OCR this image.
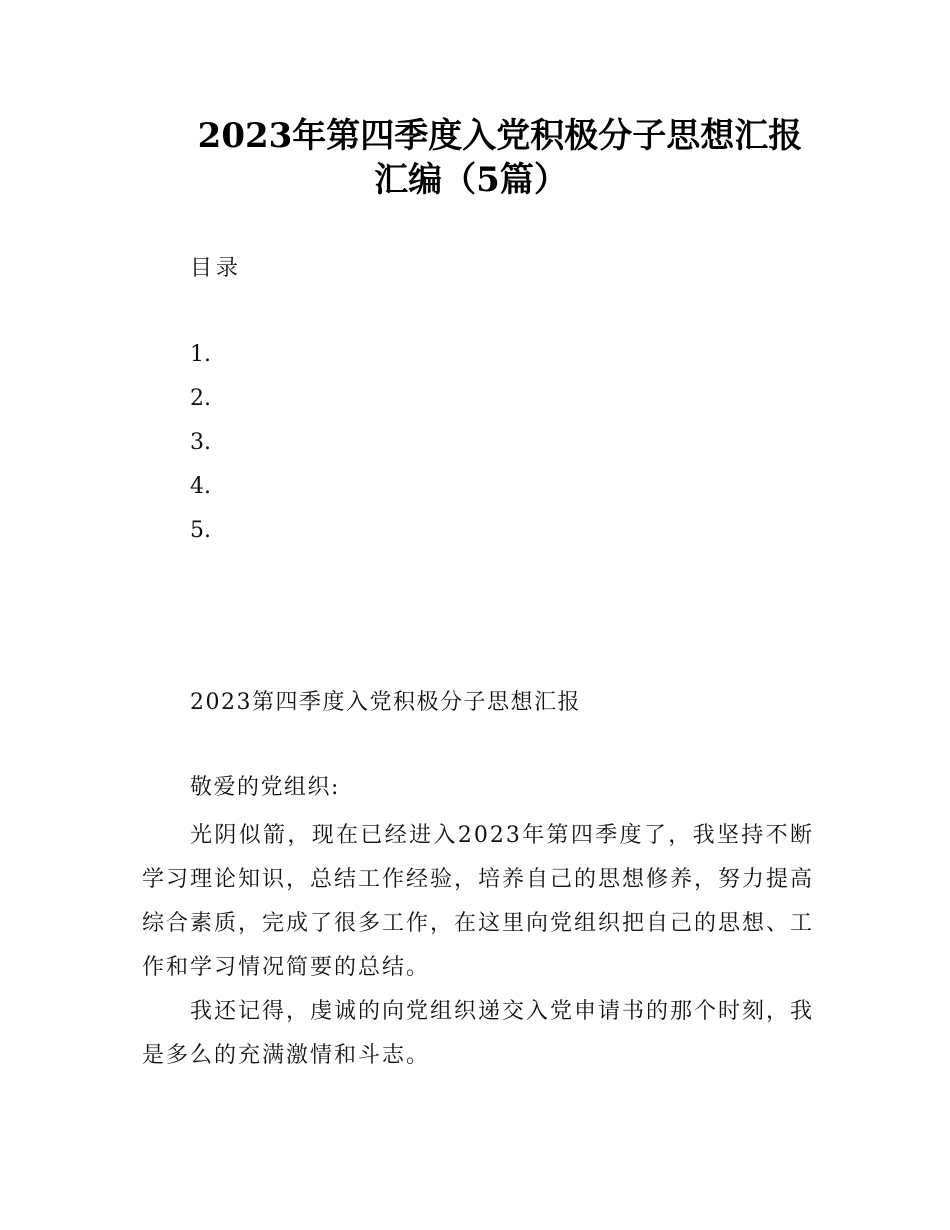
2023年第四季度入党积极分子思想汇报
汇编（5篇）
目录
1.
2.
3.
4.
5.
2023第四季度入党积极分子思想汇报
敬爱的党组织:

光阴似箭，现在已经进入2023年第四季度了，我坚持不断学习理论知识，总结工作经验，培养自己的思想修养，努力提高综合素质，完成了很多工作，在这里向党组织把自己的思想、工作和学习情况简要的总结。

我还记得，虔诚的向党组织递交入党申请书的那个时刻，我是多么的充满激情和斗志。
